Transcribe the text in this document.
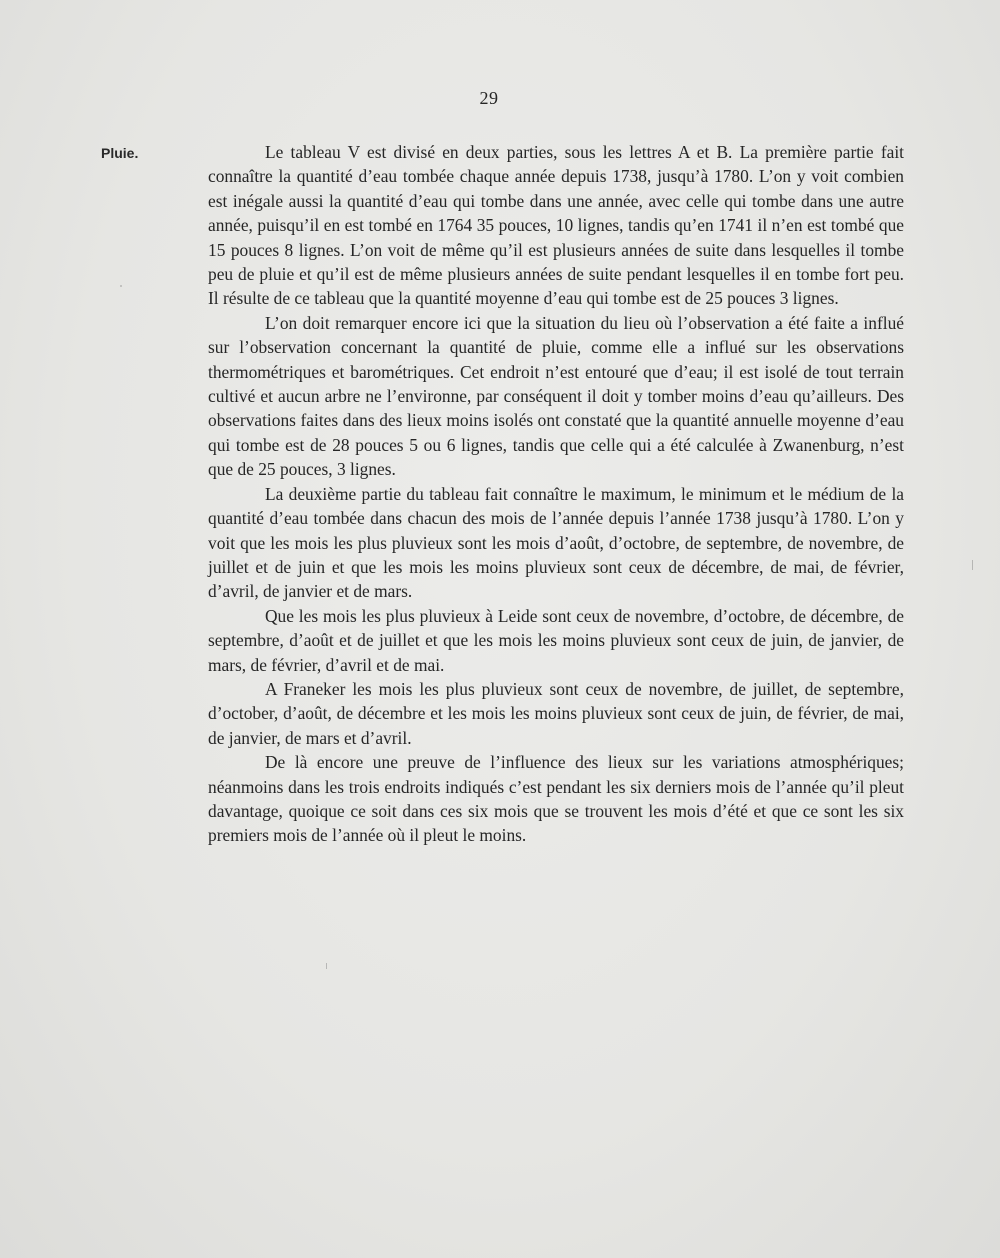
29
Pluie.	Le tableau V est divisé en deux parties, sous les lettres A et B. La première partie fait connaître la quantité d’eau tombée chaque année depuis 1738, jusqu’à 1780. L’on y voit combien est inégale aussi la quantité d’eau qui tombe dans une année, avec celle qui tombe dans une autre année, puisqu’il en est tombé en 1764 35 pouces, 10 lignes, tandis qu’en 1741 il n’en est tombé que 15 pouces 8 lignes. L’on voit de même qu’il est plusieurs années de suite dans lesquelles il tombe peu de pluie et qu’il est de même plusieurs années de suite pendant lesquelles il en tombe fort peu. Il résulte de ce tableau que la quantité moyenne d’eau qui tombe est de 25 pouces 3 lignes.

L’on doit remarquer encore ici que la situation du lieu où l’observation a été faite a influé sur l’observation concernant la quantité de pluie, comme elle a influé sur les observations thermométriques et barométriques. Cet endroit n’est entouré que d’eau; il est isolé de tout terrain cultivé et aucun arbre ne l’environne, par conséquent il doit y tomber moins d’eau qu’ailleurs. Des observations faites dans des lieux moins isolés ont constaté que la quantité annuelle moyenne d’eau qui tombe est de 28 pouces 5 ou 6 lignes, tandis que celle qui a été calculée à Zwanenburg, n’est que de 25 pouces, 3 lignes.

La deuxième partie du tableau fait connaître le maximum, le minimum et le médium de la quantité d’eau tombée dans chacun des mois de l’année depuis l’année 1738 jusqu’à 1780. L’on y voit que les mois les plus pluvieux sont les mois d’août, d’octobre, de septembre, de novembre, de juillet et de juin et que les mois les moins pluvieux sont ceux de décembre, de mai, de février, d’avril, de janvier et de mars.

Que les mois les plus pluvieux à Leide sont ceux de novembre, d’octobre, de décembre, de septembre, d’août et de juillet et que les mois les moins pluvieux sont ceux de juin, de janvier, de mars, de février, d’avril et de mai.

A Franeker les mois les plus pluvieux sont ceux de novembre, de juillet, de septembre, d’october, d’août, de décembre et les mois les moins pluvieux sont ceux de juin, de février, de mai, de janvier, de mars et d’avril.

De là encore une preuve de l’influence des lieux sur les variations atmosphériques; néanmoins dans les trois endroits indiqués c’est pendant les six derniers mois de l’année qu’il pleut davantage, quoique ce soit dans ces six mois que se trouvent les mois d’été et que ce sont les six premiers mois de l’année où il pleut le moins.
